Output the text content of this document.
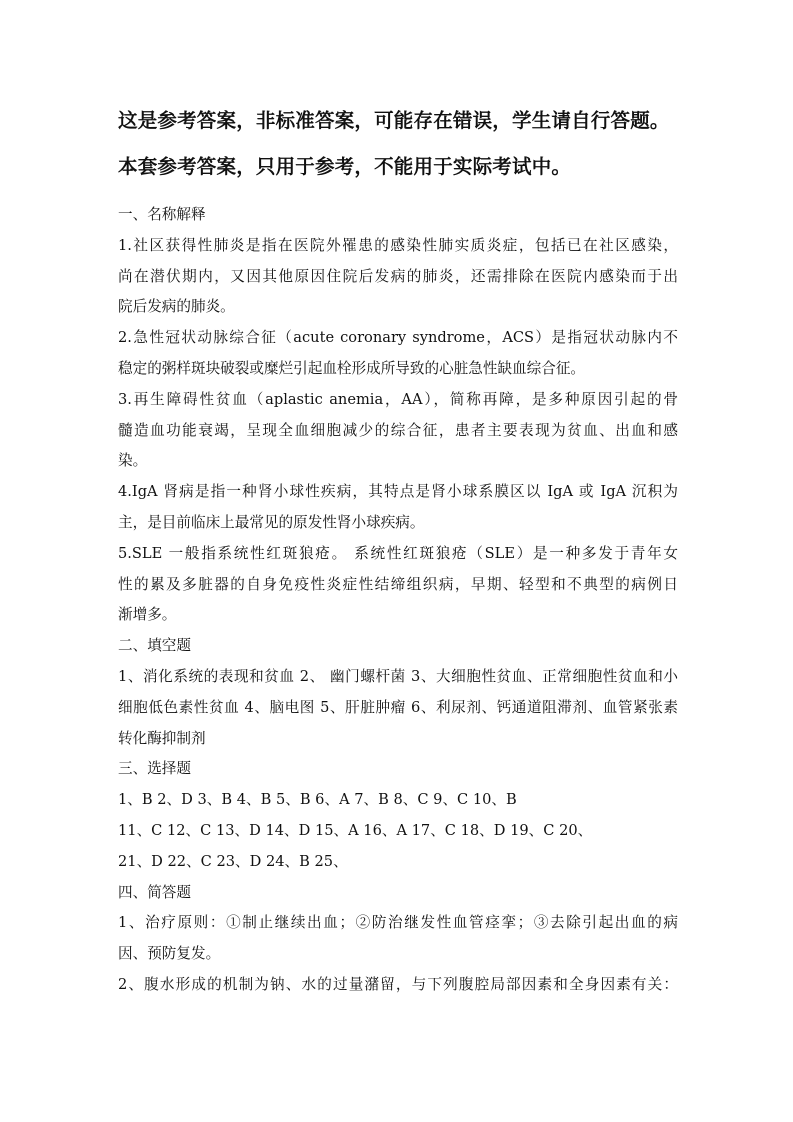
这是参考答案，非标准答案，可能存在错误，学生请自行答题。

本套参考答案，只用于参考，不能用于实际考试中。

一、名称解释
1.社区获得性肺炎是指在医院外罹患的感染性肺实质炎症，包括已在社区感染，
尚在潜伏期内，又因其他原因住院后发病的肺炎，还需排除在医院内感染而于出
院后发病的肺炎。
2.急性冠状动脉综合征（acute coronary syndrome，ACS）是指冠状动脉内不
稳定的粥样斑块破裂或糜烂引起血栓形成所导致的心脏急性缺血综合征。
3.再生障碍性贫血（aplastic anemia，AA），简称再障，是多种原因引起的骨
髓造血功能衰竭，呈现全血细胞减少的综合征，患者主要表现为贫血、出血和感
染。
4.IgA 肾病是指一种肾小球性疾病，其特点是肾小球系膜区以 IgA 或 IgA 沉积为
主，是目前临床上最常见的原发性肾小球疾病。
5.SLE 一般指系统性红斑狼疮。 系统性红斑狼疮（SLE）是一种多发于青年女
性的累及多脏器的自身免疫性炎症性结缔组织病，早期、轻型和不典型的病例日
渐增多。
二、填空题
1、消化系统的表现和贫血 2、 幽门螺杆菌 3、大细胞性贫血、正常细胞性贫血和小
细胞低色素性贫血 4、脑电图 5、肝脏肿瘤 6、利尿剂、钙通道阻滞剂、血管紧张素
转化酶抑制剂
三、选择题
1、B 2、D 3、B 4、B 5、B 6、A 7、B 8、C 9、C 10、B
11、C 12、C 13、D 14、D 15、A 16、A 17、C 18、D 19、C 20、
21、D 22、C 23、D 24、B 25、
四、简答题
1、治疗原则：①制止继续出血；②防治继发性血管痉挛；③去除引起出血的病
因、预防复发。
2、腹水形成的机制为钠、水的过量潴留，与下列腹腔局部因素和全身因素有关：
